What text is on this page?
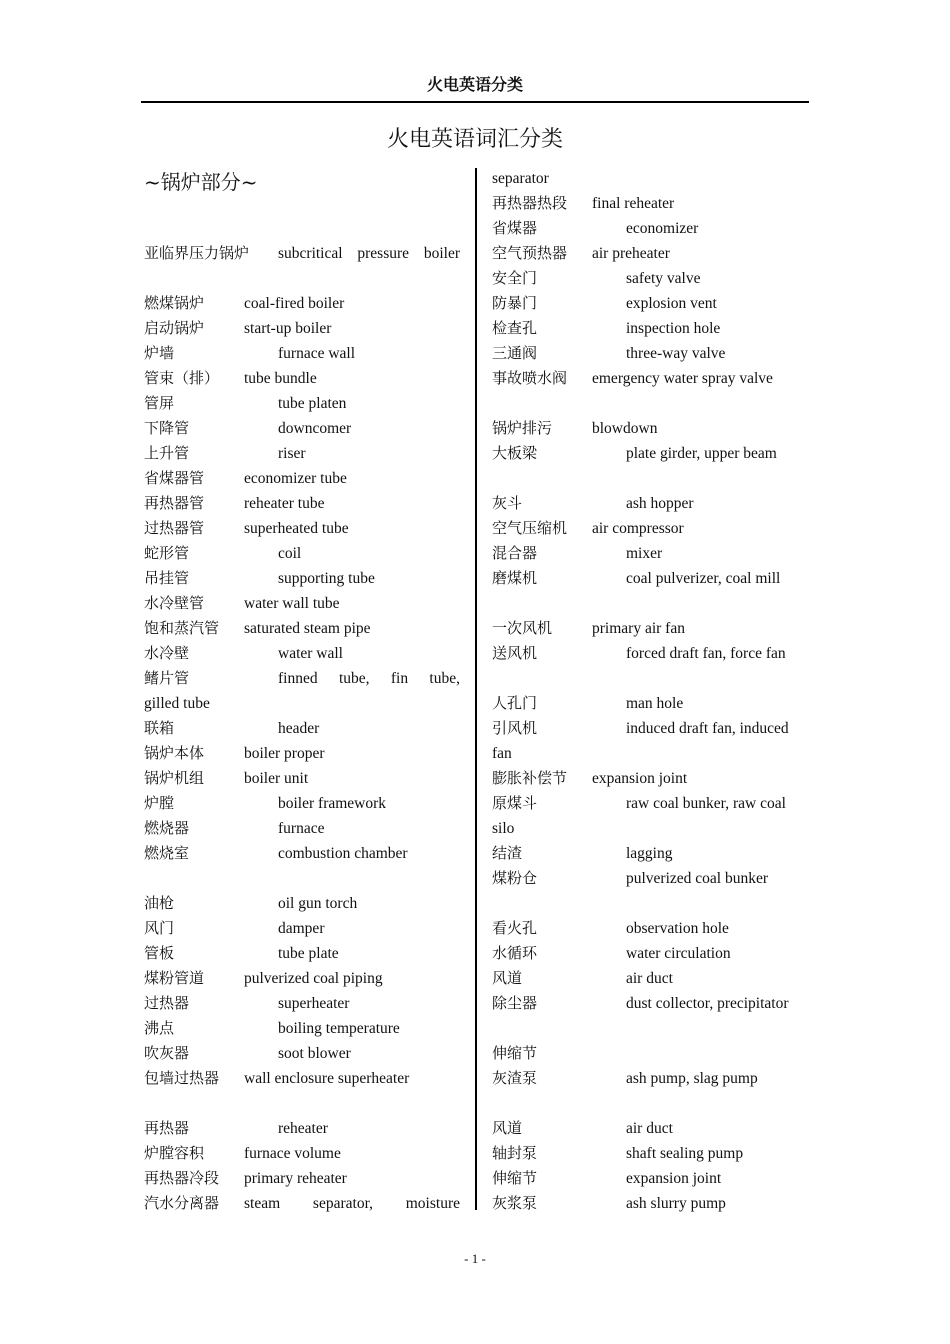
火电英语分类
火电英语词汇分类
~锅炉部分~
亚临界压力锅炉 subcritical pressure boiler
燃煤锅炉	coal-fired boiler
启动锅炉	start-up boiler
炉墙	furnace wall
管束（排） tube bundle
管屏	tube platen
下降管	downcomer
上升管	riser
省煤器管	economizer tube
再热器管	reheater tube
过热器管	superheated tube
蛇形管	coil
吊挂管	supporting tube
水冷壁管	water wall tube
饱和蒸汽管 saturated steam pipe
水冷壁	water wall
鳍片管	finned tube, fin tube,
gilled tube
联箱	header
锅炉本体	boiler proper
锅炉机组	boiler unit
炉膛	boiler framework
燃烧器	furnace
燃烧室	combustion chamber
油枪	oil gun torch
风门	damper
管板	tube plate
煤粉管道	pulverized coal piping
过热器	superheater
沸点	boiling temperature
吹灰器	soot blower
包墙过热器 wall enclosure superheater
再热器	reheater
炉膛容积	furnace volume
再热器冷段 primary reheater
汽水分离器 steam separator, moisture
separator
再热器热段 final reheater
省煤器	economizer
空气预热器 air preheater
安全门	safety valve
防暴门	explosion vent
检查孔	inspection hole
三通阀	three-way valve
事故喷水阀 emergency water spray valve
锅炉排污	blowdown
大板梁	plate girder, upper beam
灰斗	ash hopper
空气压缩机 air compressor
混合器	mixer
磨煤机	coal pulverizer, coal mill
一次风机	primary air fan
送风机	forced draft fan, force fan
人孔门	man hole
引风机	induced draft fan, induced
fan
膨胀补偿节 expansion joint
原煤斗	raw coal bunker, raw coal
silo
结渣	lagging
煤粉仓	pulverized coal bunker
看火孔	observation hole
水循环	water circulation
风道	air duct
除尘器	dust collector, precipitator
伸缩节
灰渣泵	ash pump, slag pump
风道	air duct
轴封泵	shaft sealing pump
伸缩节	expansion joint
灰浆泵	ash slurry pump
- 1 -
